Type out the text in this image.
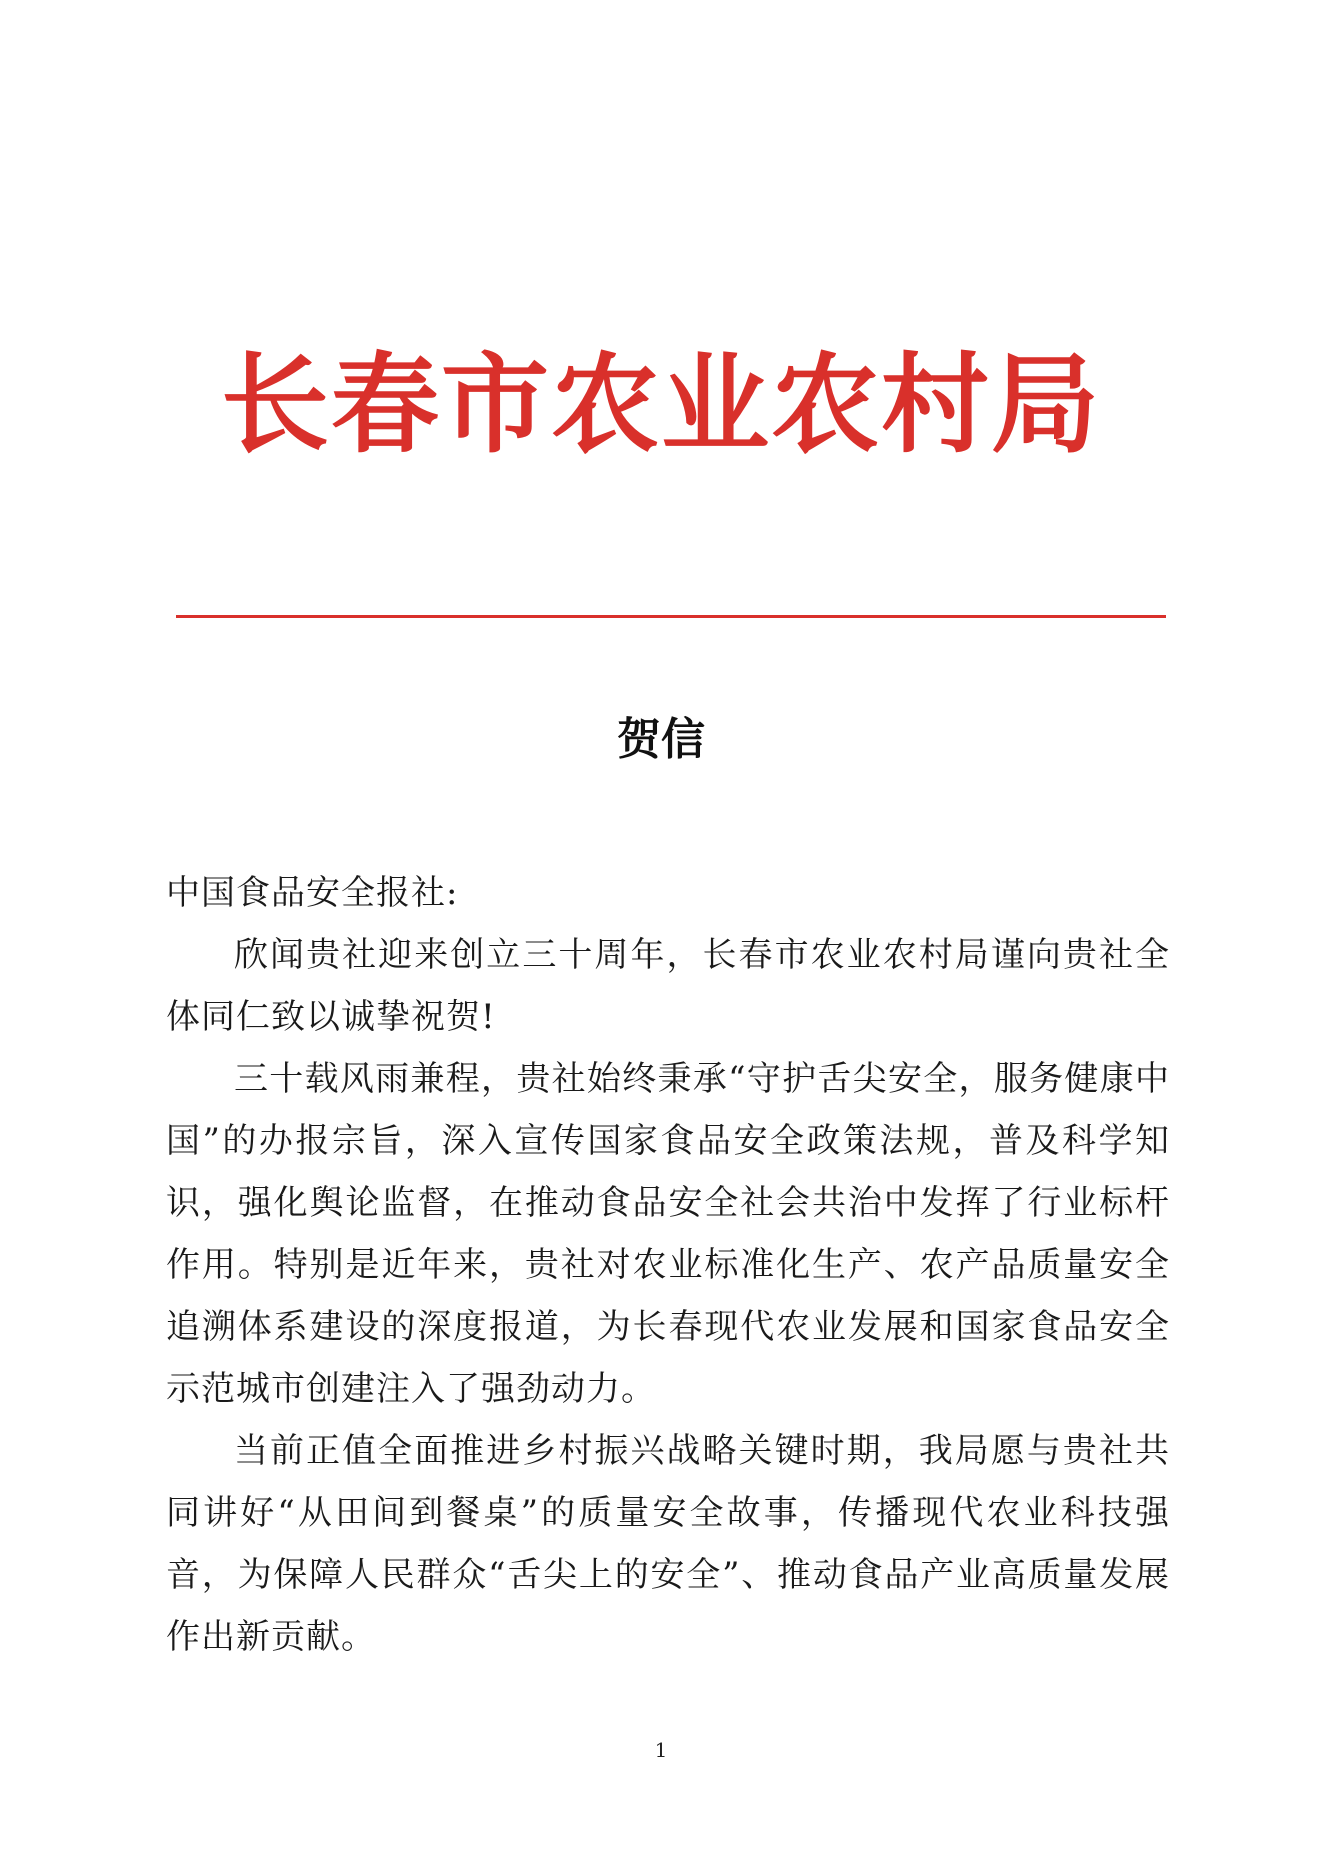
长春市农业农村局
贺信

中国食品安全报社:

欣闻贵社迎来创立三十周年，长春市农业农村局谨向贵社全体同仁致以诚挚祝贺!

三十载风雨兼程，贵社始终秉承“守护舌尖安全，服务健康中国”的办报宗旨，深入宣传国家食品安全政策法规，普及科学知识，强化舆论监督，在推动食品安全社会共治中发挥了行业标杆作用。特别是近年来，贵社对农业标准化生产、农产品质量安全追溯体系建设的深度报道，为长春现代农业发展和国家食品安全示范城市创建注入了强劲动力。

当前正值全面推进乡村振兴战略关键时期，我局愿与贵社共同讲好“从田间到餐桌”的质量安全故事，传播现代农业科技强音，为保障人民群众“舌尖上的安全”、推动食品产业高质量发展作出新贡献。

1
